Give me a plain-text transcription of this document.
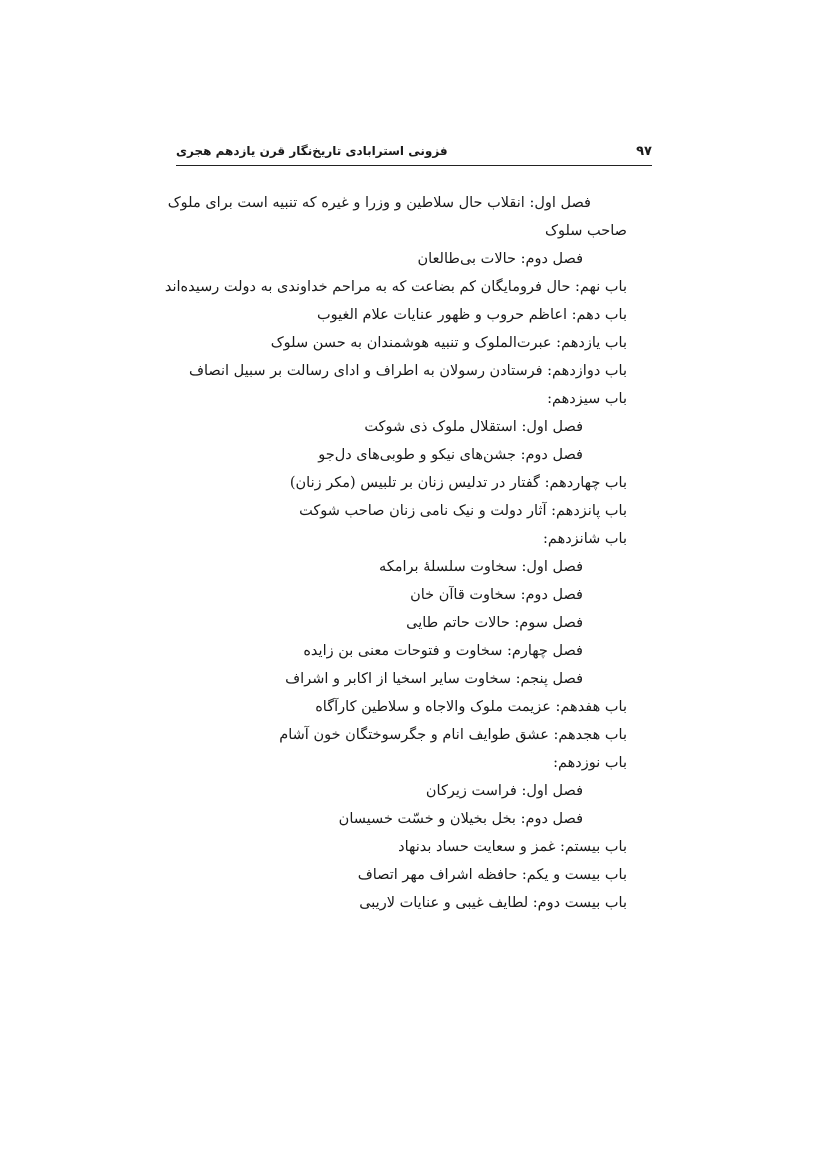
۹۷
فزونی استرابادی تاریخ‌نگار قرن یازدهم هجری
فصل اول: انقلاب حال سلاطین و وزرا و غیره که تنبیه است برای ملوک
صاحب سلوک
فصل دوم: حالات بی‌طالعان
باب نهم: حال فرومایگان کم بضاعت که به مراحم خداوندی به دولت رسیده‌اند
باب دهم: اعاظم حروب و ظهور عنایات علام الغیوب
باب یازدهم: عبرت‌الملوک و تنبیه هوشمندان به حسن سلوک
باب دوازدهم: فرستادن رسولان به اطراف و ادای رسالت بر سبیل انصاف
باب سیزدهم:
فصل اول: استقلال ملوک ذی شوکت
فصل دوم: جشن‌های نیکو و طوبی‌های دل‌جو
باب چهاردهم: گفتار در تدلیس زنان بر تلبیس (مکر زنان)
باب پانزدهم: آثار دولت و نیک نامی زنان صاحب شوکت
باب شانزدهم:
فصل اول: سخاوت سلسلهٔ برامکه
فصل دوم: سخاوت قاآن خان
فصل سوم: حالات حاتم طایی
فصل چهارم: سخاوت و فتوحات معنی بن زایده
فصل پنجم: سخاوت سایر اسخیا از اکابر و اشراف
باب هفدهم: عزیمت ملوک والاجاه و سلاطین کارآگاه
باب هجدهم: عشق طوایف انام و جگرسوختگان خون آشام
باب نوزدهم:
فصل اول: فراست زیرکان
فصل دوم: بخل بخیلان و خسّت خسیسان
باب بیستم: غمز و سعایت حساد بدنهاد
باب بیست و یکم: حافظه اشراف مهر اتصاف
باب بیست دوم: لطایف غیبی و عنایات لاریبی
